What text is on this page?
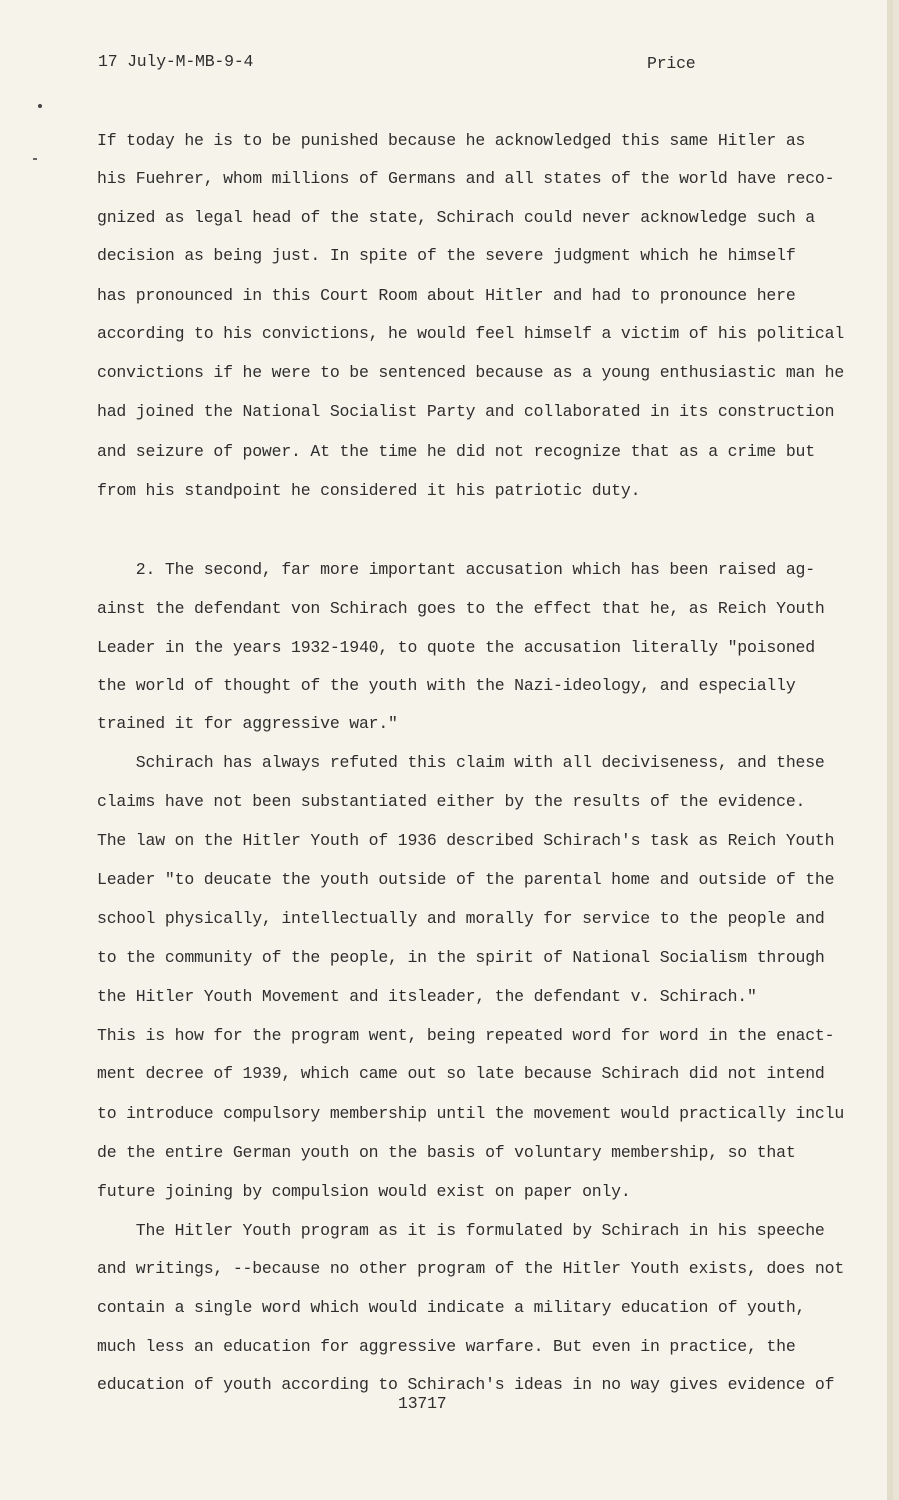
17 July-M-MB-9-4	Price
If today he is to be punished because he acknowledged this same Hitler as
his Fuehrer, whom millions of Germans and all states of the world have reco-
gnized as legal head of the state, Schirach could never acknowledge such a
decision as being just. In spite of the severe judgment which he himself
has pronounced in this Court Room about Hitler and had to pronounce here
according to his convictions, he would feel himself a victim of his political
convictions if he were to be sentenced because as a young enthusiastic man he
had joined the National Socialist Party and collaborated in its construction
and seizure of power. At the time he did not recognize that as a crime but
from his standpoint he considered it his patriotic duty.
2. The second, far more important accusation which has been raised ag-
ainst the defendant von Schirach goes to the effect that he, as Reich Youth
Leader in the years 1932-1940, to quote the accusation literally "poisoned
the world of thought of the youth with the Nazi-ideology, and especially
trained it for aggressive war."
Schirach has always refuted this claim with all deciviseness, and these
claims have not been substantiated either by the results of the evidence.
The law on the Hitler Youth of 1936 described Schirach's task as Reich Youth
Leader "to deucate the youth outside of the parental home and outside of the
school physically, intellectually and morally for service to the people and
to the community of the people, in the spirit of National Socialism through
the Hitler Youth Movement and itsleader, the defendant v. Schirach."
This is how for the program went, being repeated word for word in the enact-
ment decree of 1939, which came out so late because Schirach did not intend
to introduce compulsory membership until the movement would practically inclu
de the entire German youth on the basis of voluntary membership, so that
future joining by compulsion would exist on paper only.
The Hitler Youth program as it is formulated by Schirach in his speeche
and writings, --because no other program of the Hitler Youth exists, does not
contain a single word which would indicate a military education of youth,
much less an education for aggressive warfare. But even in practice, the
education of youth according to Schirach's ideas in no way gives evidence of
13717
